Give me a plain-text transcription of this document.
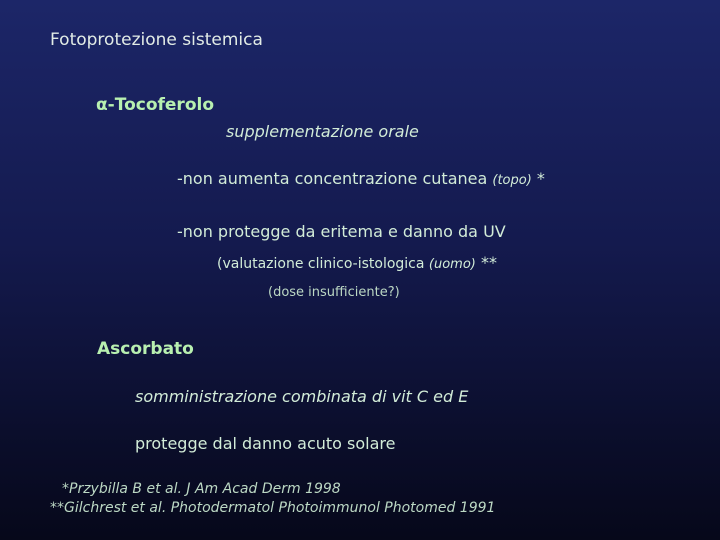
Fotoprotezione sistemica
α-Tocoferolo
supplementazione orale
-non aumenta concentrazione cutanea (topo) *
-non protegge da eritema e danno da UV
(valutazione clinico-istologica (uomo) **
(dose insufficiente?)
Ascorbato
somministrazione combinata di vit C ed E
protegge dal danno acuto solare
*Przybilla B et al. J Am Acad Derm 1998
**Gilchrest et al. Photodermatol Photoimmunol Photomed 1991
